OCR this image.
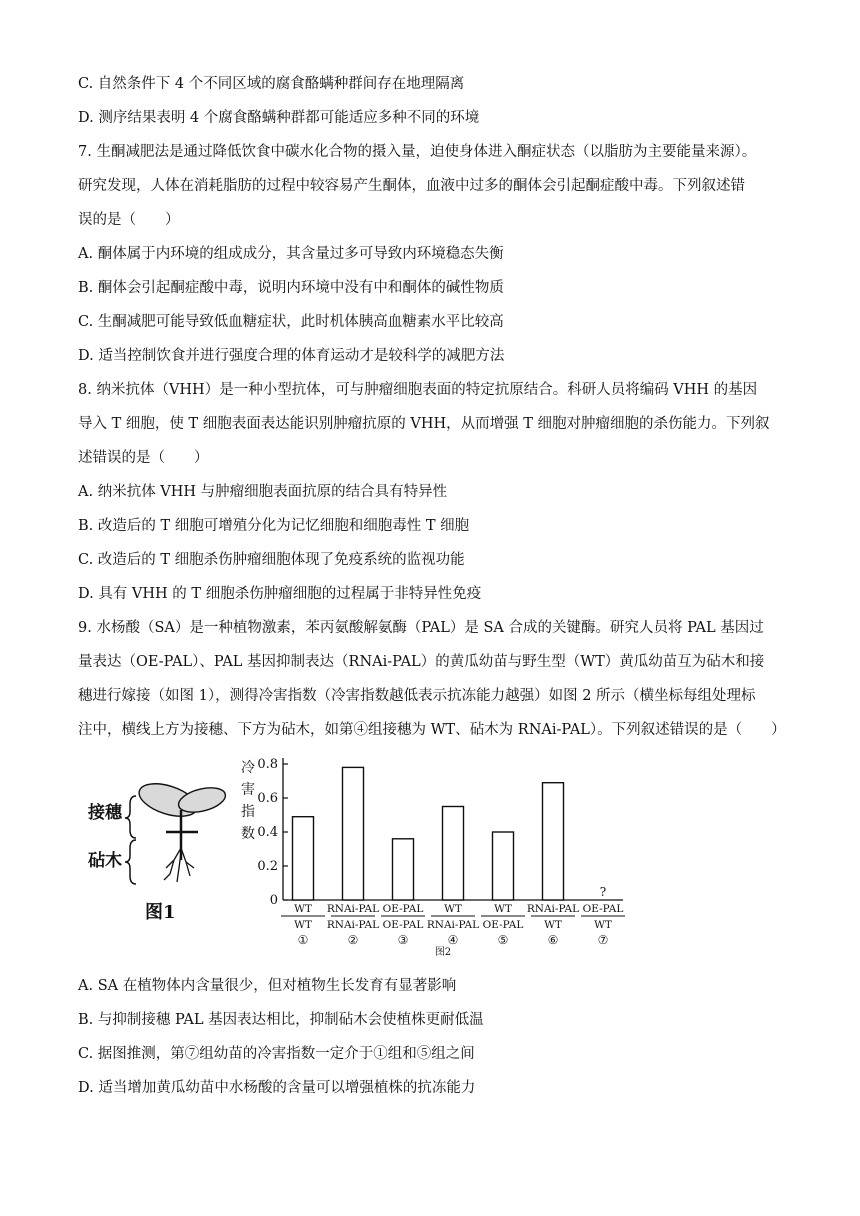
C. 自然条件下 4 个不同区域的腐食酪螨种群间存在地理隔离
D. 测序结果表明 4 个腐食酪螨种群都可能适应多种不同的环境
7. 生酮减肥法是通过降低饮食中碳水化合物的摄入量，迫使身体进入酮症状态（以脂肪为主要能量来源）。
研究发现，人体在消耗脂肪的过程中较容易产生酮体，血液中过多的酮体会引起酮症酸中毒。下列叙述错
误的是（　　）
A. 酮体属于内环境的组成成分，其含量过多可导致内环境稳态失衡
B. 酮体会引起酮症酸中毒，说明内环境中没有中和酮体的碱性物质
C. 生酮减肥可能导致低血糖症状，此时机体胰高血糖素水平比较高
D. 适当控制饮食并进行强度合理的体育运动才是较科学的减肥方法
8. 纳米抗体（VHH）是一种小型抗体，可与肿瘤细胞表面的特定抗原结合。科研人员将编码 VHH 的基因
导入 T 细胞，使 T 细胞表面表达能识别肿瘤抗原的 VHH，从而增强 T 细胞对肿瘤细胞的杀伤能力。下列叙
述错误的是（　　）
A. 纳米抗体 VHH 与肿瘤细胞表面抗原的结合具有特异性
B. 改造后的 T 细胞可增殖分化为记忆细胞和细胞毒性 T 细胞
C. 改造后的 T 细胞杀伤肿瘤细胞体现了免疫系统的监视功能
D. 具有 VHH 的 T 细胞杀伤肿瘤细胞的过程属于非特异性免疫
9. 水杨酸（SA）是一种植物激素，苯丙氨酸解氨酶（PAL）是 SA 合成的关键酶。研究人员将 PAL 基因过
量表达（OE-PAL）、PAL 基因抑制表达（RNAi-PAL）的黄瓜幼苗与野生型（WT）黄瓜幼苗互为砧木和接
穗进行嫁接（如图 1），测得冷害指数（冷害指数越低表示抗冻能力越强）如图 2 所示（横坐标每组处理标
注中，横线上方为接穗、下方为砧木，如第④组接穗为 WT、砧木为 RNAi-PAL）。下列叙述错误的是（　　）
接穗
砧木
图1
冷
害
指
数
0
0.2
0.4
0.6
0.8
?
WT
WT
①
RNAi-PAL
RNAi-PAL
②
OE-PAL
OE-PAL
③
WT
RNAi-PAL
④
WT
OE-PAL
⑤
RNAi-PAL
WT
⑥
OE-PAL
WT
⑦
图2
A. SA 在植物体内含量很少，但对植物生长发育有显著影响
B. 与抑制接穗 PAL 基因表达相比，抑制砧木会使植株更耐低温
C. 据图推测，第⑦组幼苗的冷害指数一定介于①组和⑤组之间
D. 适当增加黄瓜幼苗中水杨酸的含量可以增强植株的抗冻能力
